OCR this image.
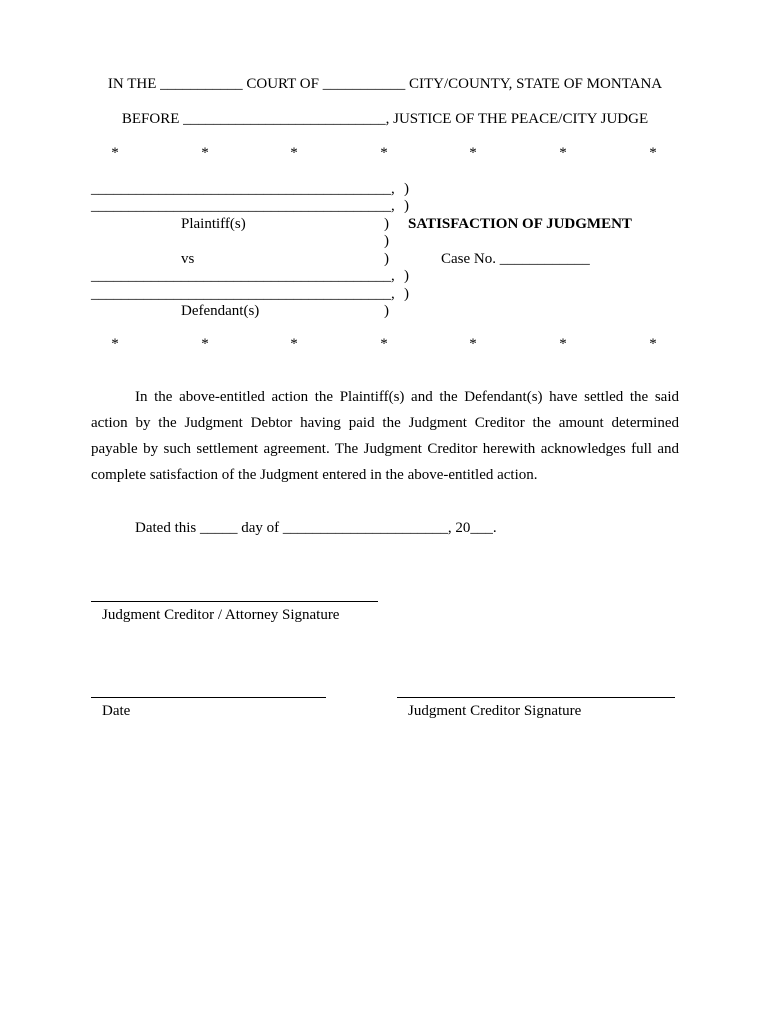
IN THE ___________ COURT OF ___________ CITY/COUNTY, STATE OF MONTANA
BEFORE ___________________________, JUSTICE OF THE PEACE/CITY JUDGE
*	*	*	*	*	*	*
________________________________________,
________________________________________,
Plaintiff(s)
vs
________________________________________,
________________________________________,
Defendant(s)
)
)
)
)
)
)
)
)
SATISFACTION OF JUDGMENT
Case No. ____________
*	*	*	*	*	*	*
In the above-entitled action the Plaintiff(s) and the Defendant(s) have settled the said action by the Judgment Debtor having paid the Judgment Creditor the amount determined payable by such settlement agreement. The Judgment Creditor herewith acknowledges full and complete satisfaction of the Judgment entered in the above-entitled action.
Dated this _____ day of ______________________, 20___.
Judgment Creditor / Attorney Signature
Date	Judgment Creditor Signature
